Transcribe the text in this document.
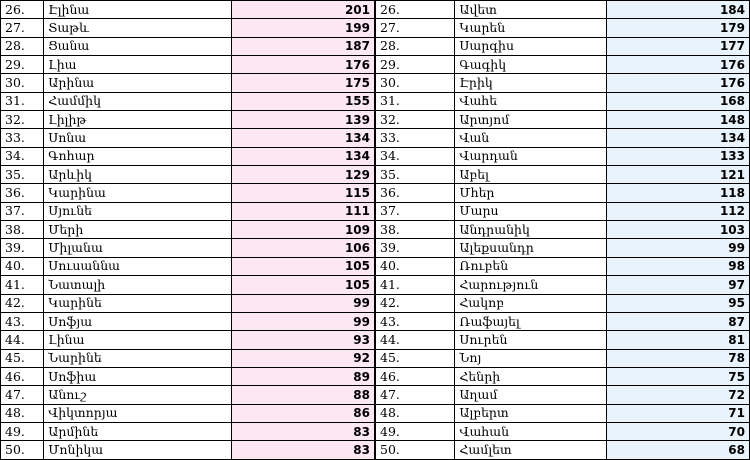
26.	Էլինա	201
27.	Տաթև	199
28.	Ցանա	187
29.	Լիա	176
30.	Արինա	175
31.	Համմիկ	155
32.	Լիլիթ	139
33.	Սոնա	134
34.	Գոհար	134
35.	Արևիկ	129
36.	Կարինա	115
37.	Սյունե	111
38.	Մերի	109
39.	Միլանա	106
40.	Սուսաննա	105
41.	Նատալի	105
42.	Կարինե	99
43.	Սոֆյա	99
44.	Լինա	93
45.	Նարինե	92
46.	Սոֆիա	89
47.	Անուշ	88
48.	Վիկտորյա	86
49.	Արմինե	83
50.	Մոնիկա	83
26.	Ավետ	184
27.	Կարեն	179
28.	Սարգիս	177
29.	Գագիկ	176
30.	Էրիկ	176
31.	Վահե	168
32.	Արտյոմ	148
33.	Վան	134
34.	Վարդան	133
35.	Աբել	121
36.	Մհեր	118
37.	Մարս	112
38.	Անդրանիկ	103
39.	Ալեքսանդր	99
40.	Ռուբեն	98
41.	Հարություն	97
42.	Հակոբ	95
43.	Ռաֆայել	87
44.	Սուրեն	81
45.	Նոյ	78
46.	Հենրի	75
47.	Աղամ	72
48.	Ալբերտ	71
49.	Վահան	70
50.	Համլետ	68
